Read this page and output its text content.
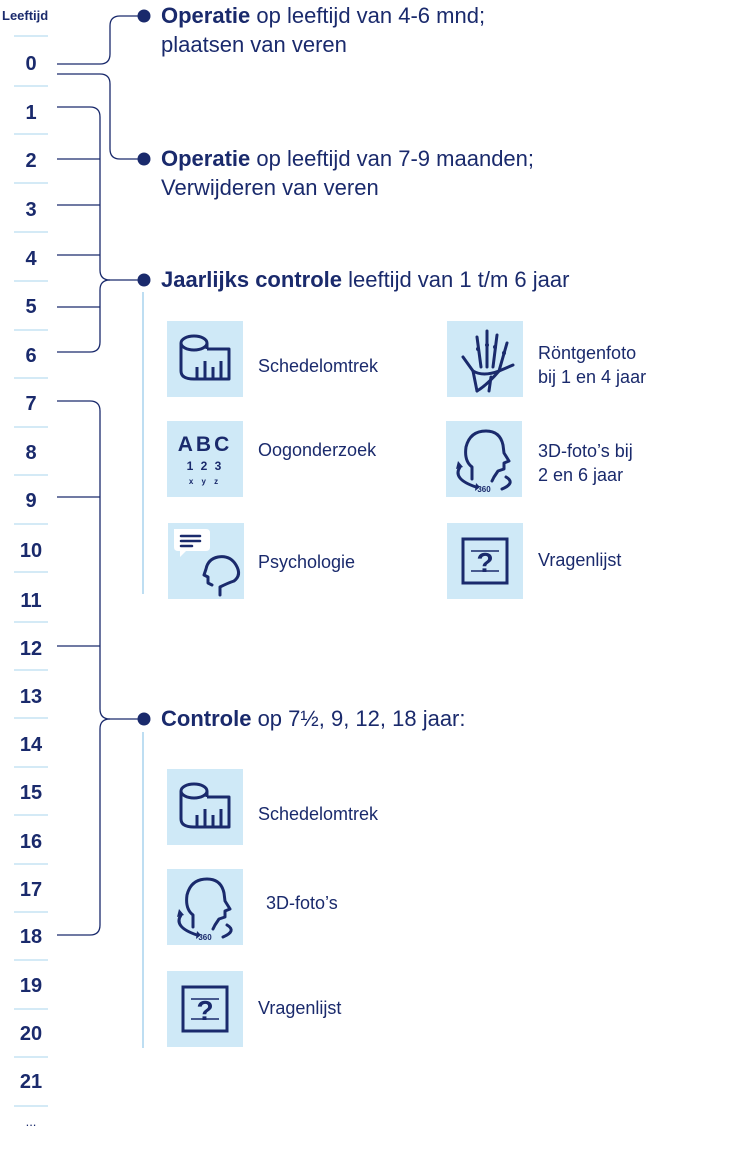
Leeftijd
0
1
2
3
4
5
6
7
8
9
10
11
12
13
14
15
16
17
18
19
20
21
...
Operatie op leeftijd van 4-6 mnd;
plaatsen van veren
Operatie op leeftijd van 7-9 maanden;
Verwijderen van veren
Jaarlijks controle leeftijd van 1 t/m 6 jaar
Controle op 7½, 9, 12, 18 jaar:
Schedelomtrek
Röntgenfoto
bij 1 en 4 jaar
ABC
1 2 3
x y z
Oogonderzoek
360
3D-foto’s bij
2 en 6 jaar
Psychologie	? Vragenlijst
Schedelomtrek
360
3D-foto’s
? Vragenlijst
